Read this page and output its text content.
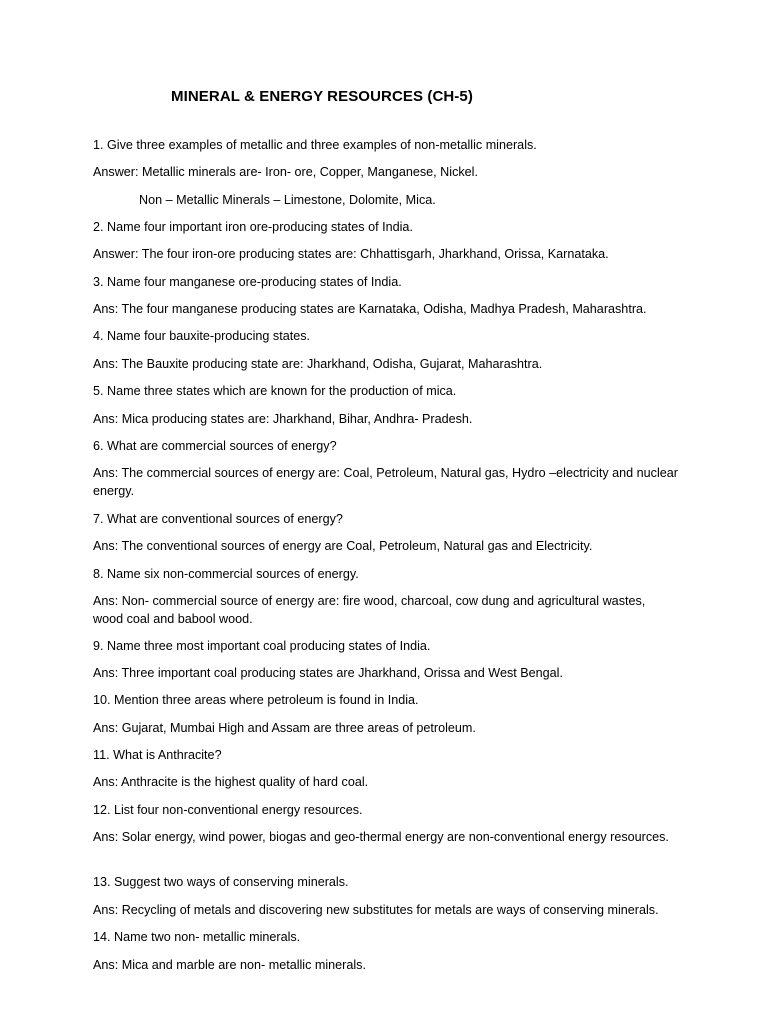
MINERAL & ENERGY RESOURCES (CH-5)
1. Give three examples of metallic and three examples of non-metallic minerals.
Answer: Metallic minerals are- Iron- ore, Copper, Manganese, Nickel.
Non – Metallic Minerals – Limestone, Dolomite, Mica.
2. Name four important iron ore-producing states of India.
Answer: The four iron-ore producing states are: Chhattisgarh, Jharkhand, Orissa, Karnataka.
3. Name four manganese ore-producing states of India.
Ans: The four manganese producing states are Karnataka, Odisha, Madhya Pradesh, Maharashtra.
4. Name four bauxite-producing states.
Ans: The Bauxite producing state are: Jharkhand, Odisha, Gujarat, Maharashtra.
5. Name three states which are known for the production of mica.
Ans: Mica producing states are: Jharkhand, Bihar, Andhra- Pradesh.
6. What are commercial sources of energy?
Ans: The commercial sources of energy are: Coal, Petroleum, Natural gas, Hydro –electricity and nuclear energy.
7. What are conventional sources of energy?
Ans: The conventional sources of energy are Coal, Petroleum, Natural gas and Electricity.
8. Name six non-commercial sources of energy.
Ans: Non- commercial source of energy are: fire wood, charcoal, cow dung and agricultural wastes, wood coal and babool wood.
9. Name three most important coal producing states of India.
Ans: Three important coal producing states are Jharkhand, Orissa and West Bengal.
10. Mention three areas where petroleum is found in India.
Ans: Gujarat, Mumbai High and Assam are three areas of petroleum.
11. What is Anthracite?
Ans: Anthracite is the highest quality of hard coal.
12. List four non-conventional energy resources.
Ans: Solar energy, wind power, biogas and geo-thermal energy are non-conventional energy resources.
13. Suggest two ways of conserving minerals.
Ans: Recycling of metals and discovering new substitutes for metals are ways of conserving minerals.
14. Name two non- metallic minerals.
Ans: Mica and marble are non- metallic minerals.
